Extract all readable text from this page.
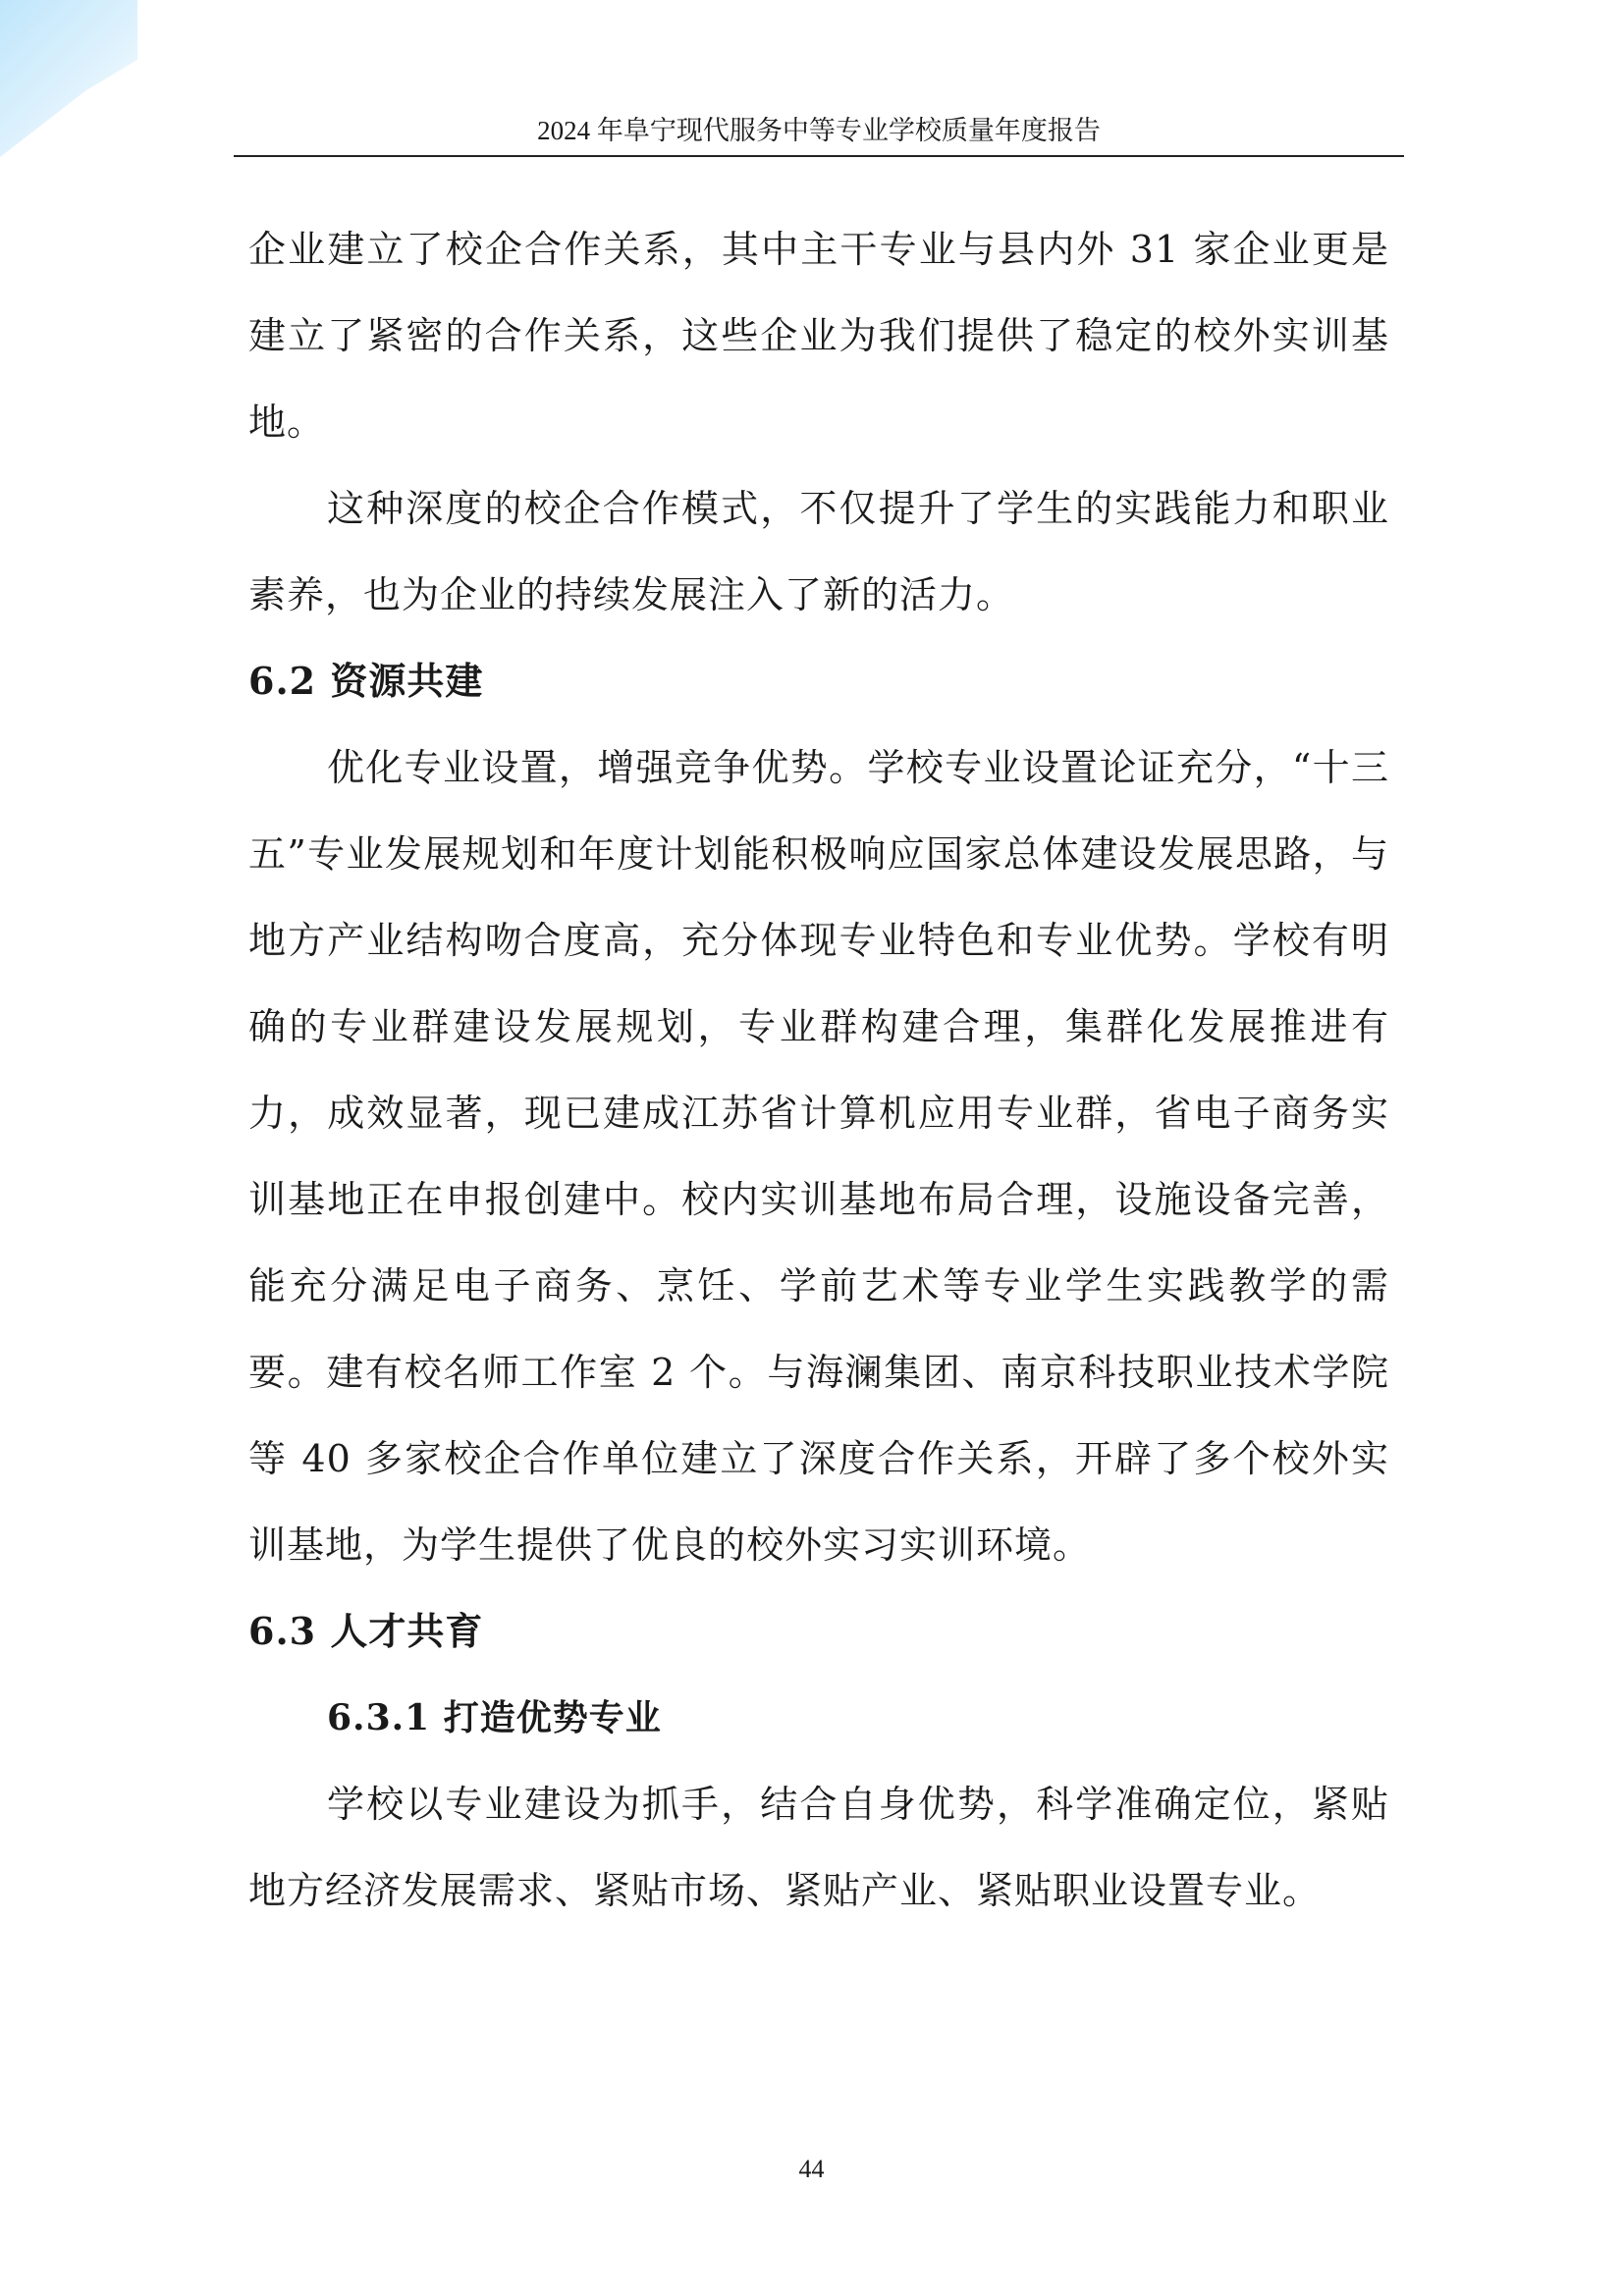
2024 年阜宁现代服务中等专业学校质量年度报告

企业建立了校企合作关系，其中主干专业与县内外 31 家企业更是建立了紧密的合作关系，这些企业为我们提供了稳定的校外实训基地。

这种深度的校企合作模式，不仅提升了学生的实践能力和职业素养，也为企业的持续发展注入了新的活力。

6.2 资源共建

优化专业设置，增强竞争优势。学校专业设置论证充分，“十三五”专业发展规划和年度计划能积极响应国家总体建设发展思路，与地方产业结构吻合度高，充分体现专业特色和专业优势。学校有明确的专业群建设发展规划，专业群构建合理，集群化发展推进有力，成效显著，现已建成江苏省计算机应用专业群，省电子商务实训基地正在申报创建中。校内实训基地布局合理，设施设备完善，能充分满足电子商务、烹饪、学前艺术等专业学生实践教学的需要。建有校名师工作室 2 个。与海澜集团、南京科技职业技术学院等 40 多家校企合作单位建立了深度合作关系，开辟了多个校外实训基地，为学生提供了优良的校外实习实训环境。

6.3 人才共育
6.3.1 打造优势专业

学校以专业建设为抓手，结合自身优势，科学准确定位，紧贴地方经济发展需求、紧贴市场、紧贴产业、紧贴职业设置专业。

44
